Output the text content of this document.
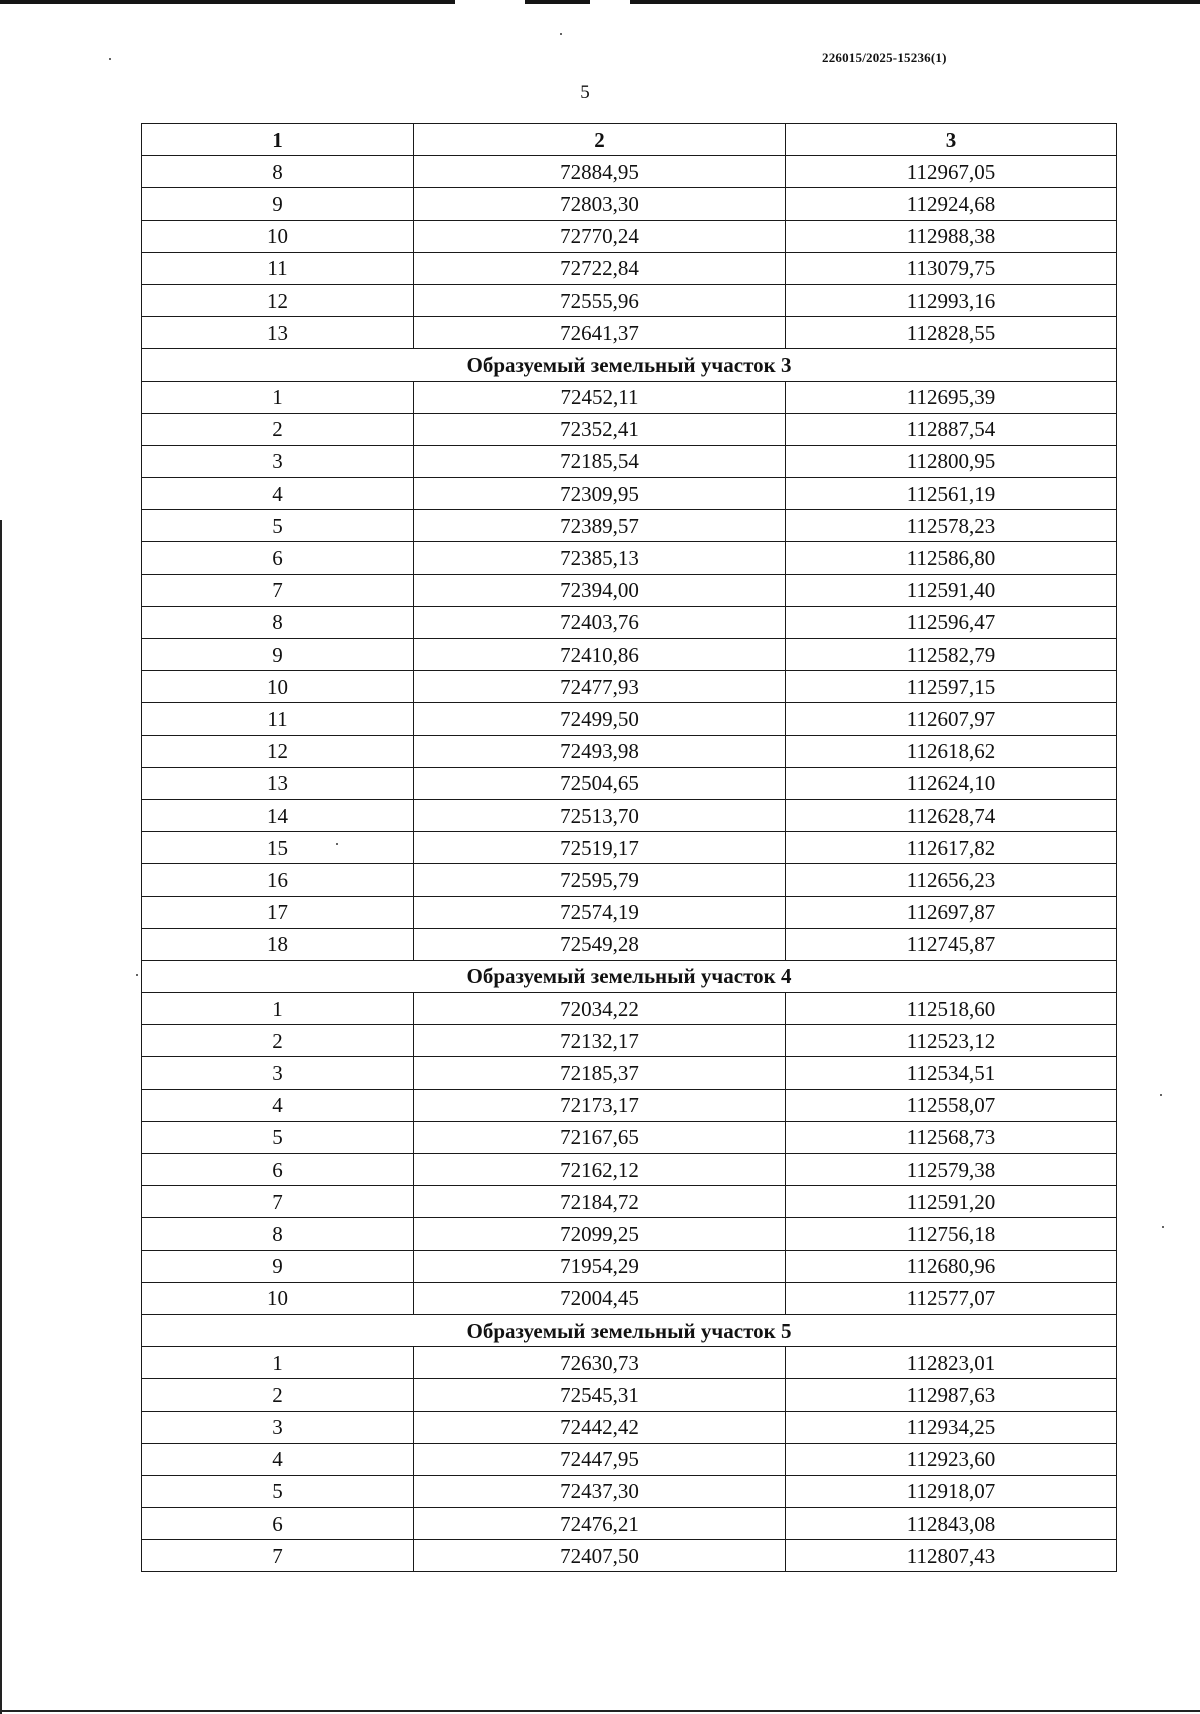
226015/2025-15236(1)
5
1	2	3
8	72884,95	112967,05
9	72803,30	112924,68
10	72770,24	112988,38
11	72722,84	113079,75
12	72555,96	112993,16
13	72641,37	112828,55
Образуемый земельный участок 3		
1	72452,11	112695,39
2	72352,41	112887,54
3	72185,54	112800,95
4	72309,95	112561,19
5	72389,57	112578,23
6	72385,13	112586,80
7	72394,00	112591,40
8	72403,76	112596,47
9	72410,86	112582,79
10	72477,93	112597,15
11	72499,50	112607,97
12	72493,98	112618,62
13	72504,65	112624,10
14	72513,70	112628,74
15	72519,17	112617,82
16	72595,79	112656,23
17	72574,19	112697,87
18	72549,28	112745,87
Образуемый земельный участок 4		
1	72034,22	112518,60
2	72132,17	112523,12
3	72185,37	112534,51
4	72173,17	112558,07
5	72167,65	112568,73
6	72162,12	112579,38
7	72184,72	112591,20
8	72099,25	112756,18
9	71954,29	112680,96
10	72004,45	112577,07
Образуемый земельный участок 5		
1	72630,73	112823,01
2	72545,31	112987,63
3	72442,42	112934,25
4	72447,95	112923,60
5	72437,30	112918,07
6	72476,21	112843,08
7	72407,50	112807,43
